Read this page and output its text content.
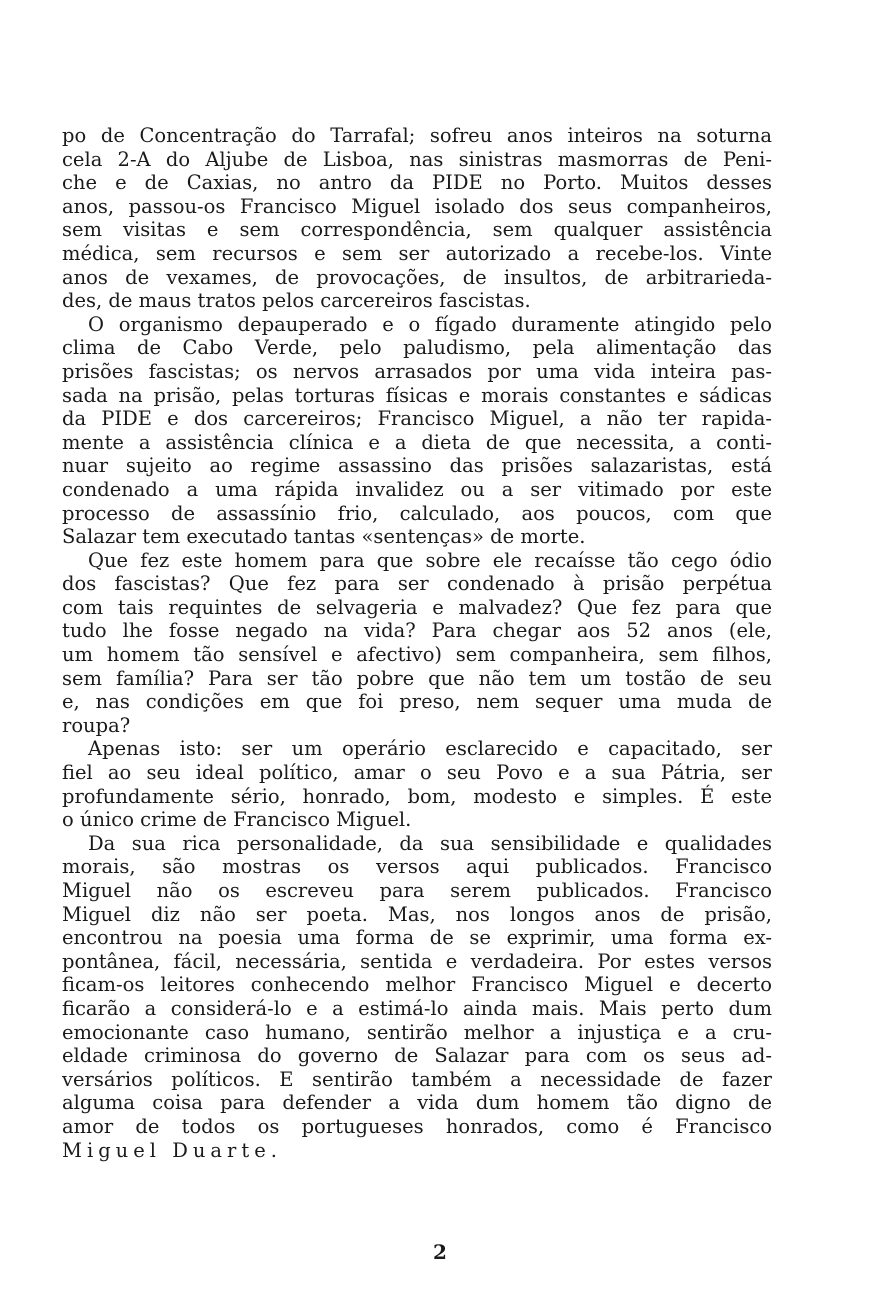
po de Concentração do Tarrafal; sofreu anos inteiros na soturna
cela 2-A do Aljube de Lisboa, nas sinistras masmorras de Peni-
che e de Caxias, no antro da PIDE no Porto. Muitos desses
anos, passou-os Francisco Miguel isolado dos seus companheiros,
sem visitas e sem correspondência, sem qualquer assistência
médica, sem recursos e sem ser autorizado a recebe-los. Vinte
anos de vexames, de provocações, de insultos, de arbitrarieda-
des, de maus tratos pelos carcereiros fascistas.
O organismo depauperado e o fígado duramente atingido pelo
clima de Cabo Verde, pelo paludismo, pela alimentação das
prisões fascistas; os nervos arrasados por uma vida inteira pas-
sada na prisão, pelas torturas físicas e morais constantes e sádicas
da PIDE e dos carcereiros; Francisco Miguel, a não ter rapida-
mente a assistência clínica e a dieta de que necessita, a conti-
nuar sujeito ao regime assassino das prisões salazaristas, está
condenado a uma rápida invalidez ou a ser vitimado por este
processo de assassínio frio, calculado, aos poucos, com que
Salazar tem executado tantas «sentenças» de morte.
Que fez este homem para que sobre ele recaísse tão cego ódio
dos fascistas? Que fez para ser condenado à prisão perpétua
com tais requintes de selvageria e malvadez? Que fez para que
tudo lhe fosse negado na vida? Para chegar aos 52 anos (ele,
um homem tão sensível e afectivo) sem companheira, sem filhos,
sem família? Para ser tão pobre que não tem um tostão de seu
e, nas condições em que foi preso, nem sequer uma muda de
roupa?
Apenas isto: ser um operário esclarecido e capacitado, ser
fiel ao seu ideal político, amar o seu Povo e a sua Pátria, ser
profundamente sério, honrado, bom, modesto e simples. É este
o único crime de Francisco Miguel.
Da sua rica personalidade, da sua sensibilidade e qualidades
morais, são mostras os versos aqui publicados. Francisco
Miguel não os escreveu para serem publicados. Francisco
Miguel diz não ser poeta. Mas, nos longos anos de prisão,
encontrou na poesia uma forma de se exprimir, uma forma ex-
pontânea, fácil, necessária, sentida e verdadeira. Por estes versos
ficam-os leitores conhecendo melhor Francisco Miguel e decerto
ficarão a considerá-lo e a estimá-lo ainda mais. Mais perto dum
emocionante caso humano, sentirão melhor a injustiça e a cru-
eldade criminosa do governo de Salazar para com os seus ad-
versários políticos. E sentirão também a necessidade de fazer
alguma coisa para defender a vida dum homem tão digno de
amor de todos os portugueses honrados, como é Francisco
Miguel Duarte.
2
